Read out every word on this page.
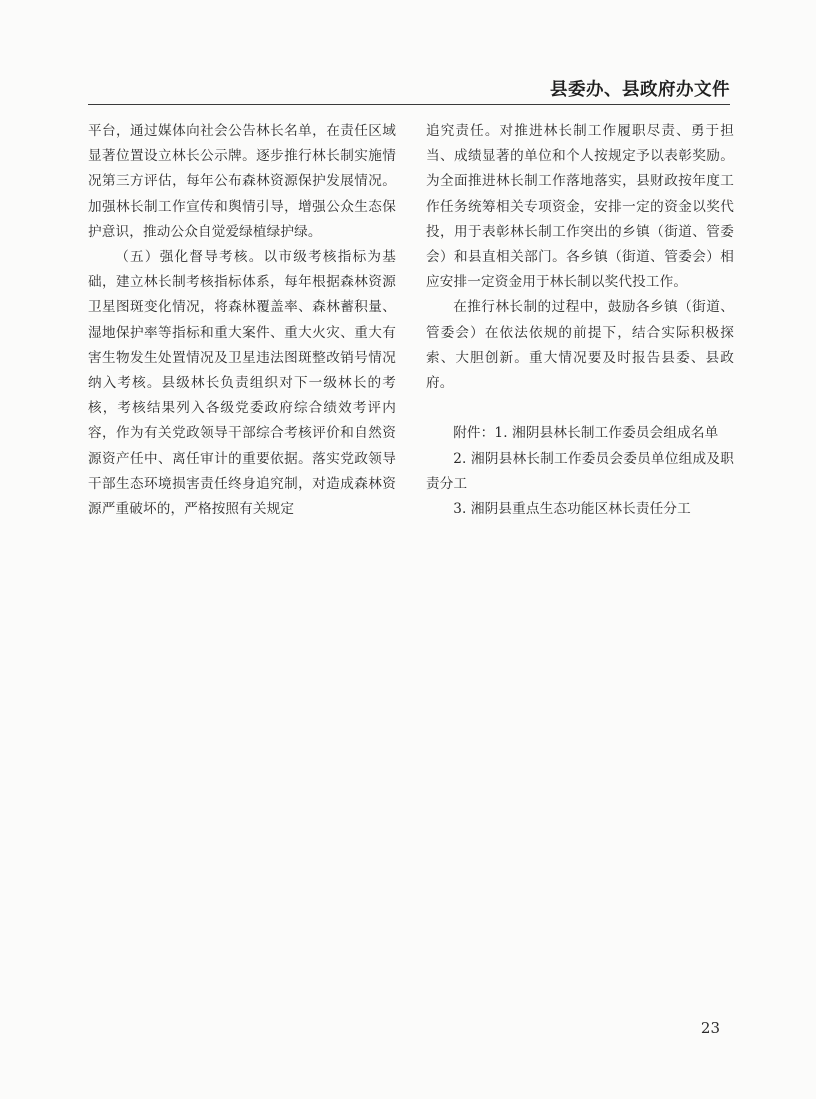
县委办、县政府办文件

平台，通过媒体向社会公告林长名单，在责任区域显著位置设立林长公示牌。逐步推行林长制实施情况第三方评估，每年公布森林资源保护发展情况。加强林长制工作宣传和舆情引导，增强公众生态保护意识，推动公众自觉爱绿植绿护绿。

（五）强化督导考核。以市级考核指标为基础，建立林长制考核指标体系，每年根据森林资源卫星图斑变化情况，将森林覆盖率、森林蓄积量、湿地保护率等指标和重大案件、重大火灾、重大有害生物发生处置情况及卫星违法图斑整改销号情况纳入考核。县级林长负责组织对下一级林长的考核，考核结果列入各级党委政府综合绩效考评内容，作为有关党政领导干部综合考核评价和自然资源资产任中、离任审计的重要依据。落实党政领导干部生态环境损害责任终身追究制，对造成森林资源严重破坏的，严格按照有关规定

追究责任。对推进林长制工作履职尽责、勇于担当、成绩显著的单位和个人按规定予以表彰奖励。为全面推进林长制工作落地落实，县财政按年度工作任务统筹相关专项资金，安排一定的资金以奖代投，用于表彰林长制工作突出的乡镇（街道、管委会）和县直相关部门。各乡镇（街道、管委会）相应安排一定资金用于林长制以奖代投工作。

在推行林长制的过程中，鼓励各乡镇（街道、管委会）在依法依规的前提下，结合实际积极探索、大胆创新。重大情况要及时报告县委、县政府。

附件：1. 湘阴县林长制工作委员会组成名单

2. 湘阴县林长制工作委员会委员单位组成及职责分工

3. 湘阴县重点生态功能区林长责任分工

23
